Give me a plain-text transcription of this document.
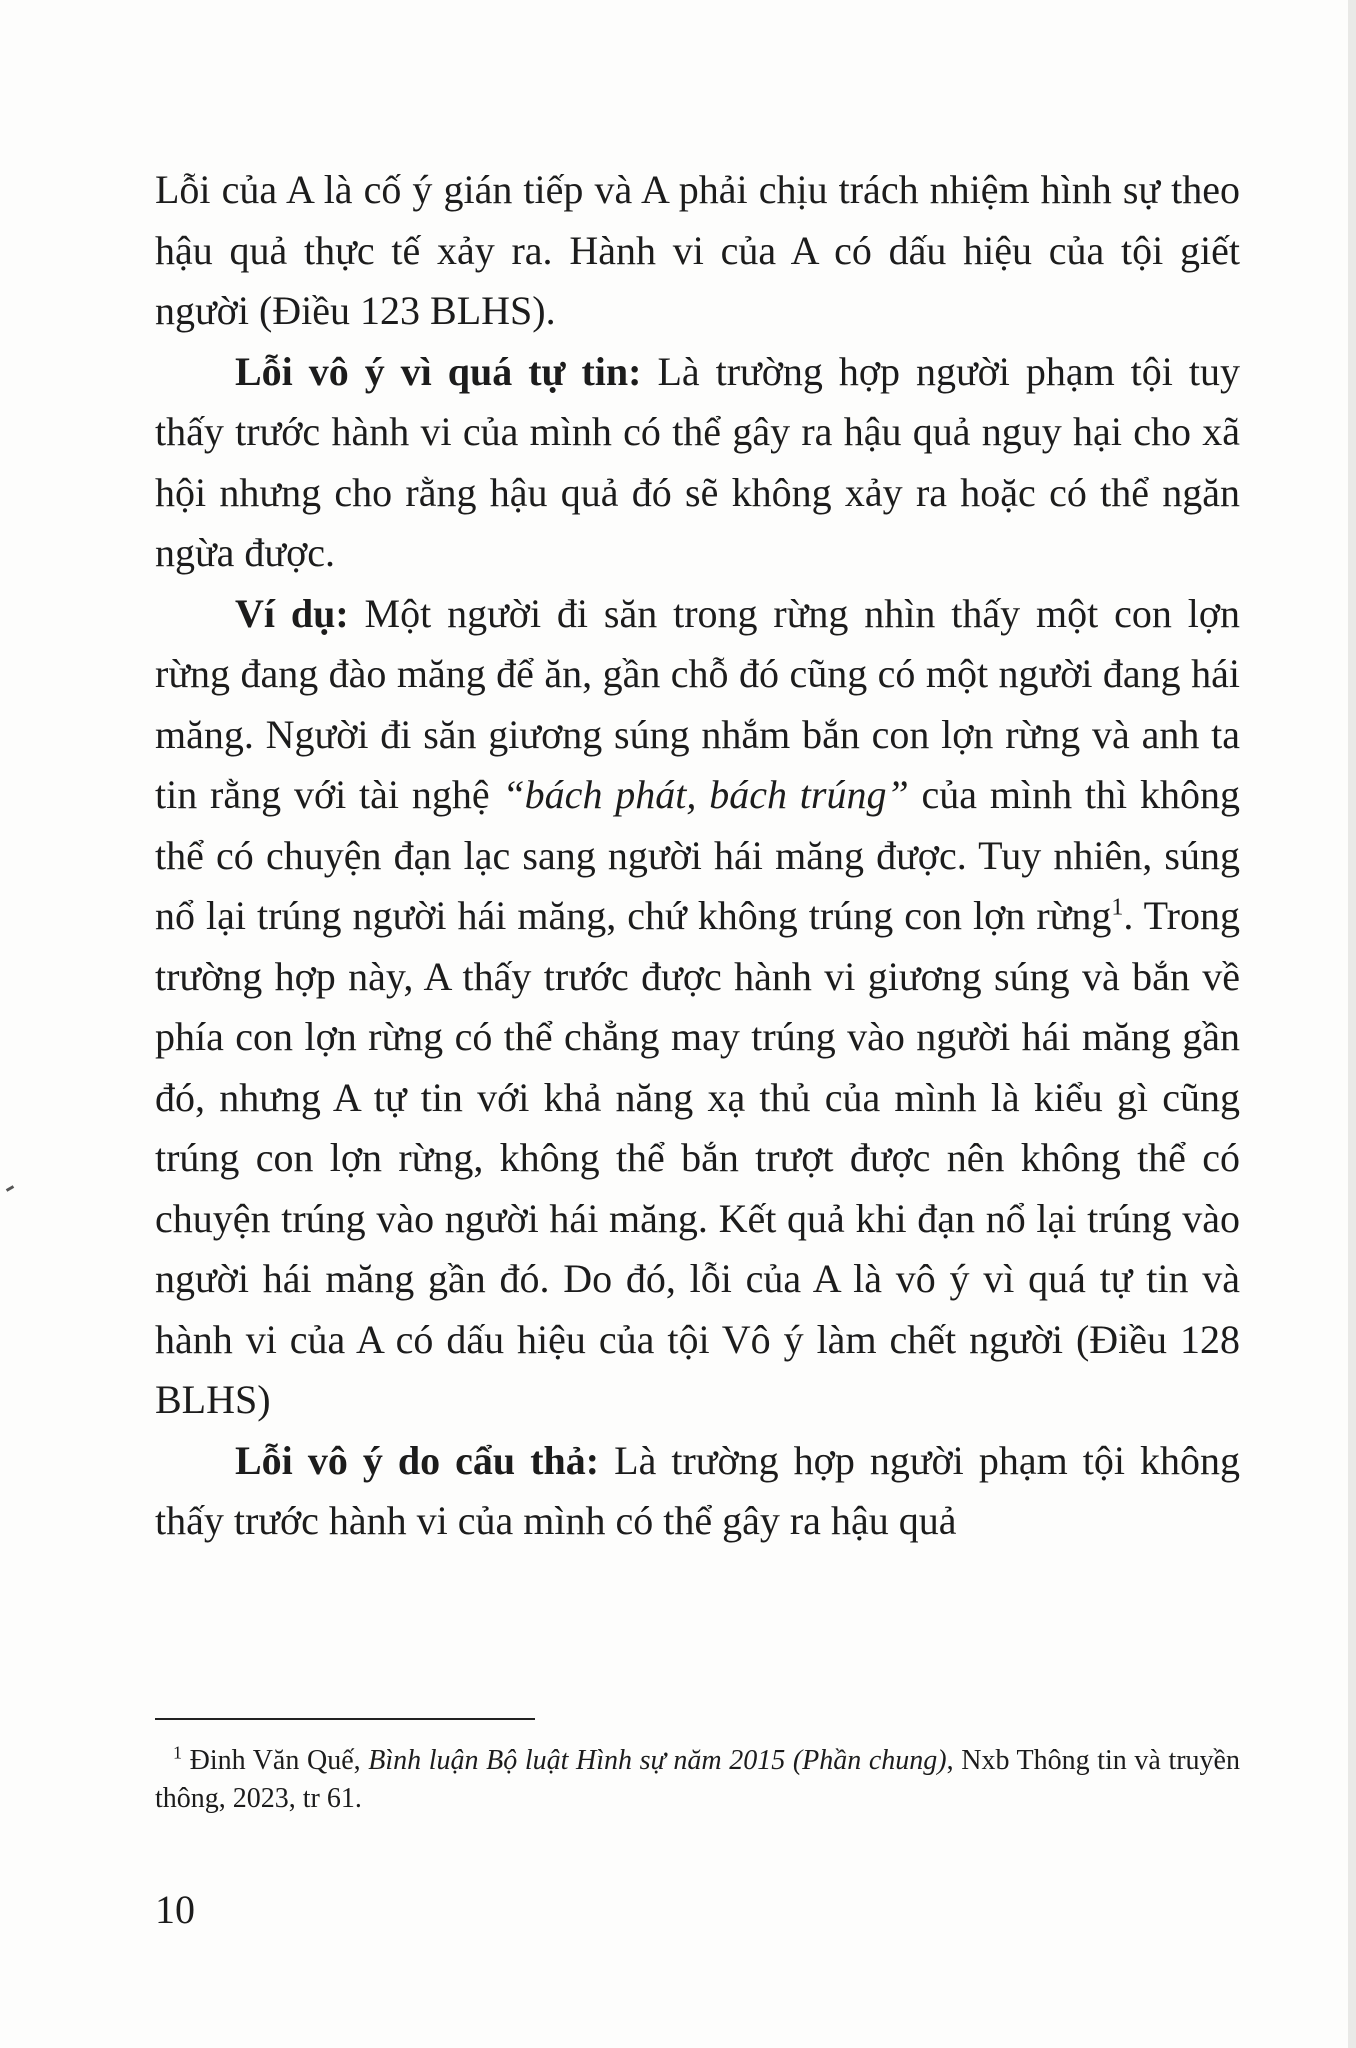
Lỗi của A là cố ý gián tiếp và A phải chịu trách nhiệm hình sự theo hậu quả thực tế xảy ra. Hành vi của A có dấu hiệu của tội giết người (Điều 123 BLHS).

Lỗi vô ý vì quá tự tin: Là trường hợp người phạm tội tuy thấy trước hành vi của mình có thể gây ra hậu quả nguy hại cho xã hội nhưng cho rằng hậu quả đó sẽ không xảy ra hoặc có thể ngăn ngừa được.

Ví dụ: Một người đi săn trong rừng nhìn thấy một con lợn rừng đang đào măng để ăn, gần chỗ đó cũng có một người đang hái măng. Người đi săn giương súng nhắm bắn con lợn rừng và anh ta tin rằng với tài nghệ “bách phát, bách trúng” của mình thì không thể có chuyện đạn lạc sang người hái măng được. Tuy nhiên, súng nổ lại trúng người hái măng, chứ không trúng con lợn rừng$^1$. Trong trường hợp này, A thấy trước được hành vi giương súng và bắn về phía con lợn rừng có thể chẳng may trúng vào người hái măng gần đó, nhưng A tự tin với khả năng xạ thủ của mình là kiểu gì cũng trúng con lợn rừng, không thể bắn trượt được nên không thể có chuyện trúng vào người hái măng. Kết quả khi đạn nổ lại trúng vào người hái măng gần đó. Do đó, lỗi của A là vô ý vì quá tự tin và hành vi của A có dấu hiệu của tội Vô ý làm chết người (Điều 128 BLHS)

Lỗi vô ý do cẩu thả: Là trường hợp người phạm tội không thấy trước hành vi của mình có thể gây ra hậu quả

$^1$ Đinh Văn Quế, Bình luận Bộ luật Hình sự năm 2015 (Phần chung), Nxb Thông tin và truyền thông, 2023, tr 61.

10
